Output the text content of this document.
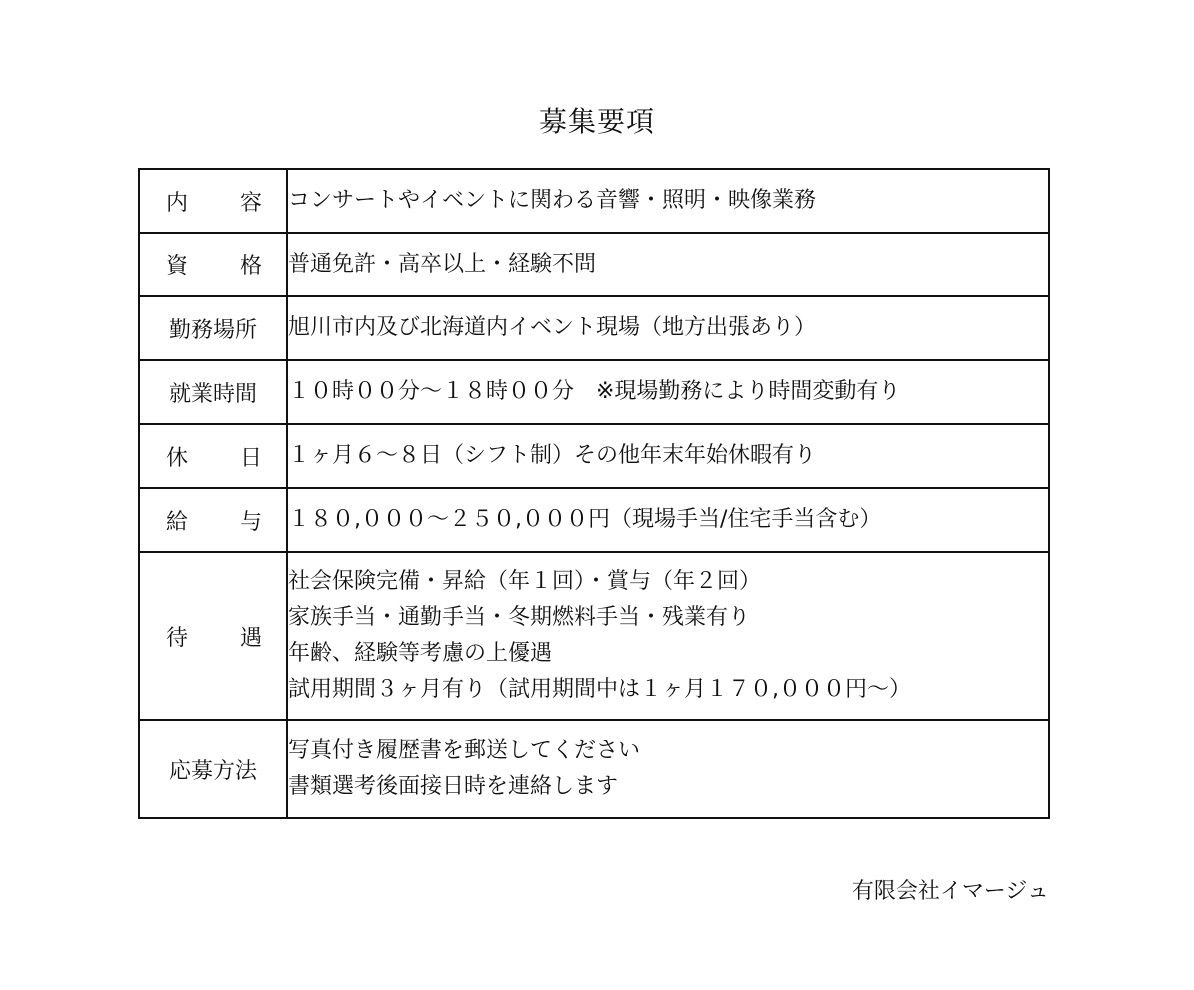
募集要項
内 容	コンサートやイベントに関わる音響・照明・映像業務

資 格	普通免許・高卒以上・経験不問

勤務場所	旭川市内及び北海道内イベント現場（地方出張あり）

就業時間	１０時００分〜１８時００分　※現場勤務により時間変動有り

休 日	１ヶ月６〜８日（シフト制）その他年末年始休暇有り

給 与	１８０,０００〜２５０,０００円（現場手当/住宅手当含む）

待 遇	社会保険完備・昇給（年１回）・賞与（年２回）
家族手当・通勤手当・冬期燃料手当・残業有り
年齢、経験等考慮の上優遇
試用期間３ヶ月有り（試用期間中は１ヶ月１７０,０００円〜）

応募方法	写真付き履歴書を郵送してください
書類選考後面接日時を連絡します
有限会社イマージュ
